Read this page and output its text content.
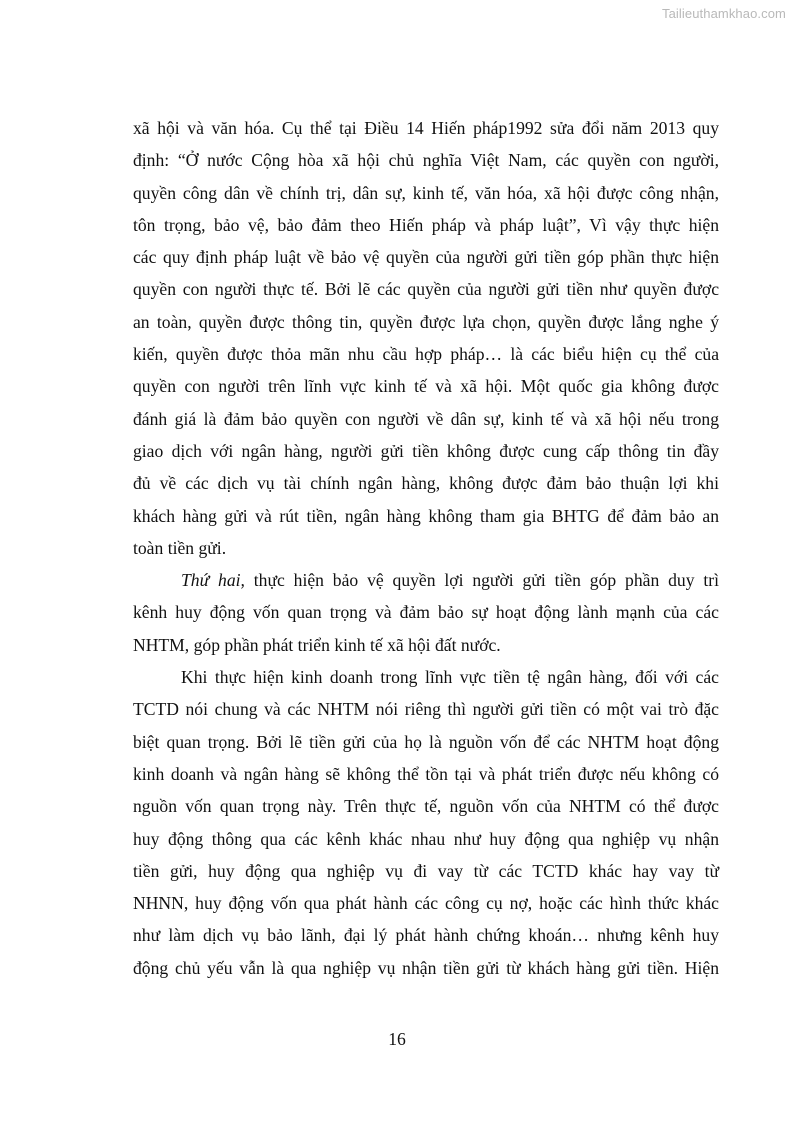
Tailieuthamkhao.com
xã hội và văn hóa. Cụ thể tại Điều 14 Hiến pháp1992 sửa đổi năm 2013 quy
định: “Ở nước Cộng hòa xã hội chủ nghĩa Việt Nam, các quyền con người,
quyền công dân về chính trị, dân sự, kinh tế, văn hóa, xã hội được công nhận,
tôn trọng, bảo vệ, bảo đảm theo Hiến pháp và pháp luật”, Vì vậy thực hiện
các quy định pháp luật về bảo vệ quyền của người gửi tiền góp phần thực hiện
quyền con người thực tế. Bởi lẽ các quyền của người gửi tiền như quyền được
an toàn, quyền được thông tin, quyền được lựa chọn, quyền được lắng nghe ý
kiến, quyền được thỏa mãn nhu cầu hợp pháp… là các biểu hiện cụ thể của
quyền con người trên lĩnh vực kinh tế và xã hội. Một quốc gia không được
đánh giá là đảm bảo quyền con người về dân sự, kinh tế và xã hội nếu trong
giao dịch với ngân hàng, người gửi tiền không được cung cấp thông tin đầy
đủ về các dịch vụ tài chính ngân hàng, không được đảm bảo thuận lợi khi
khách hàng gửi và rút tiền, ngân hàng không tham gia BHTG để đảm bảo an
toàn tiền gửi.
Thứ hai, thực hiện bảo vệ quyền lợi người gửi tiền góp phần duy trì
kênh huy động vốn quan trọng và đảm bảo sự hoạt động lành mạnh của các
NHTM, góp phần phát triển kinh tế xã hội đất nước.
Khi thực hiện kinh doanh trong lĩnh vực tiền tệ ngân hàng, đối với các
TCTD nói chung và các NHTM nói riêng thì người gửi tiền có một vai trò đặc
biệt quan trọng. Bởi lẽ tiền gửi của họ là nguồn vốn để các NHTM hoạt động
kinh doanh và ngân hàng sẽ không thể tồn tại và phát triển được nếu không có
nguồn vốn quan trọng này. Trên thực tế, nguồn vốn của NHTM có thể được
huy động thông qua các kênh khác nhau như huy động qua nghiệp vụ nhận
tiền gửi, huy động qua nghiệp vụ đi vay từ các TCTD khác hay vay từ
NHNN, huy động vốn qua phát hành các công cụ nợ, hoặc các hình thức khác
như làm dịch vụ bảo lãnh, đại lý phát hành chứng khoán… nhưng kênh huy
động chủ yếu vẫn là qua nghiệp vụ nhận tiền gửi từ khách hàng gửi tiền. Hiện
16
